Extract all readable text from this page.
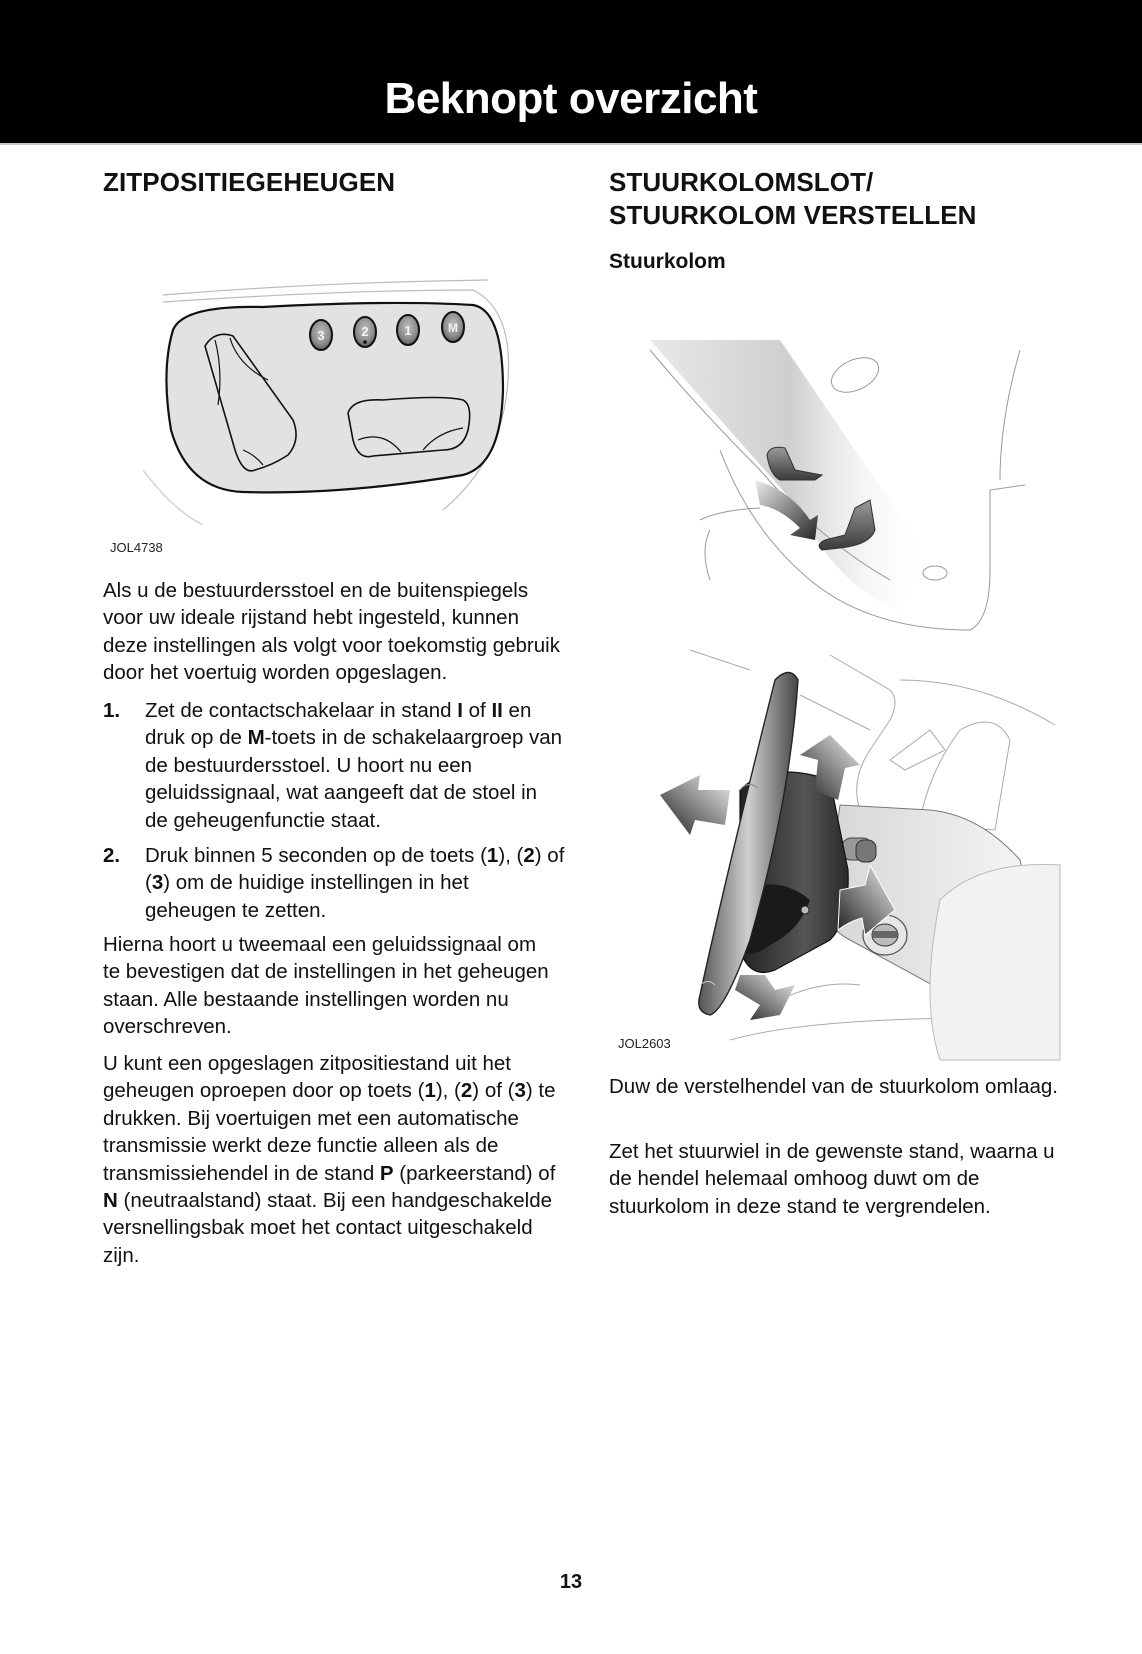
Beknopt overzicht
ZITPOSITIEGEHEUGEN
3	2	1	M
JOL4738

Als u de bestuurdersstoel en de buitenspiegels voor uw ideale rijstand hebt ingesteld, kunnen deze instellingen als volgt voor toekomstig gebruik door het voertuig worden opgeslagen.

1. Zet de contactschakelaar in stand I of II en druk op de M-toets in de schakelaargroep van de bestuurdersstoel. U hoort nu een geluidssignaal, wat aangeeft dat de stoel in de geheugenfunctie staat.
2. Druk binnen 5 seconden op de toets (1), (2) of (3) om de huidige instellingen in het geheugen te zetten.

Hierna hoort u tweemaal een geluidssignaal om te bevestigen dat de instellingen in het geheugen staan. Alle bestaande instellingen worden nu overschreven.

U kunt een opgeslagen zitpositiestand uit het geheugen oproepen door op toets (1), (2) of (3) te drukken. Bij voertuigen met een automatische transmissie werkt deze functie alleen als de transmissiehendel in de stand P (parkeerstand) of N (neutraalstand) staat. Bij een handgeschakelde versnellingsbak moet het contact uitgeschakeld zijn.

STUURKOLOMSLOT/
STUURKOLOM VERSTELLEN
Stuurkolom
JOL2603

Duw de verstelhendel van de stuurkolom omlaag.

Zet het stuurwiel in de gewenste stand, waarna u de hendel helemaal omhoog duwt om de stuurkolom in deze stand te vergrendelen.

13
